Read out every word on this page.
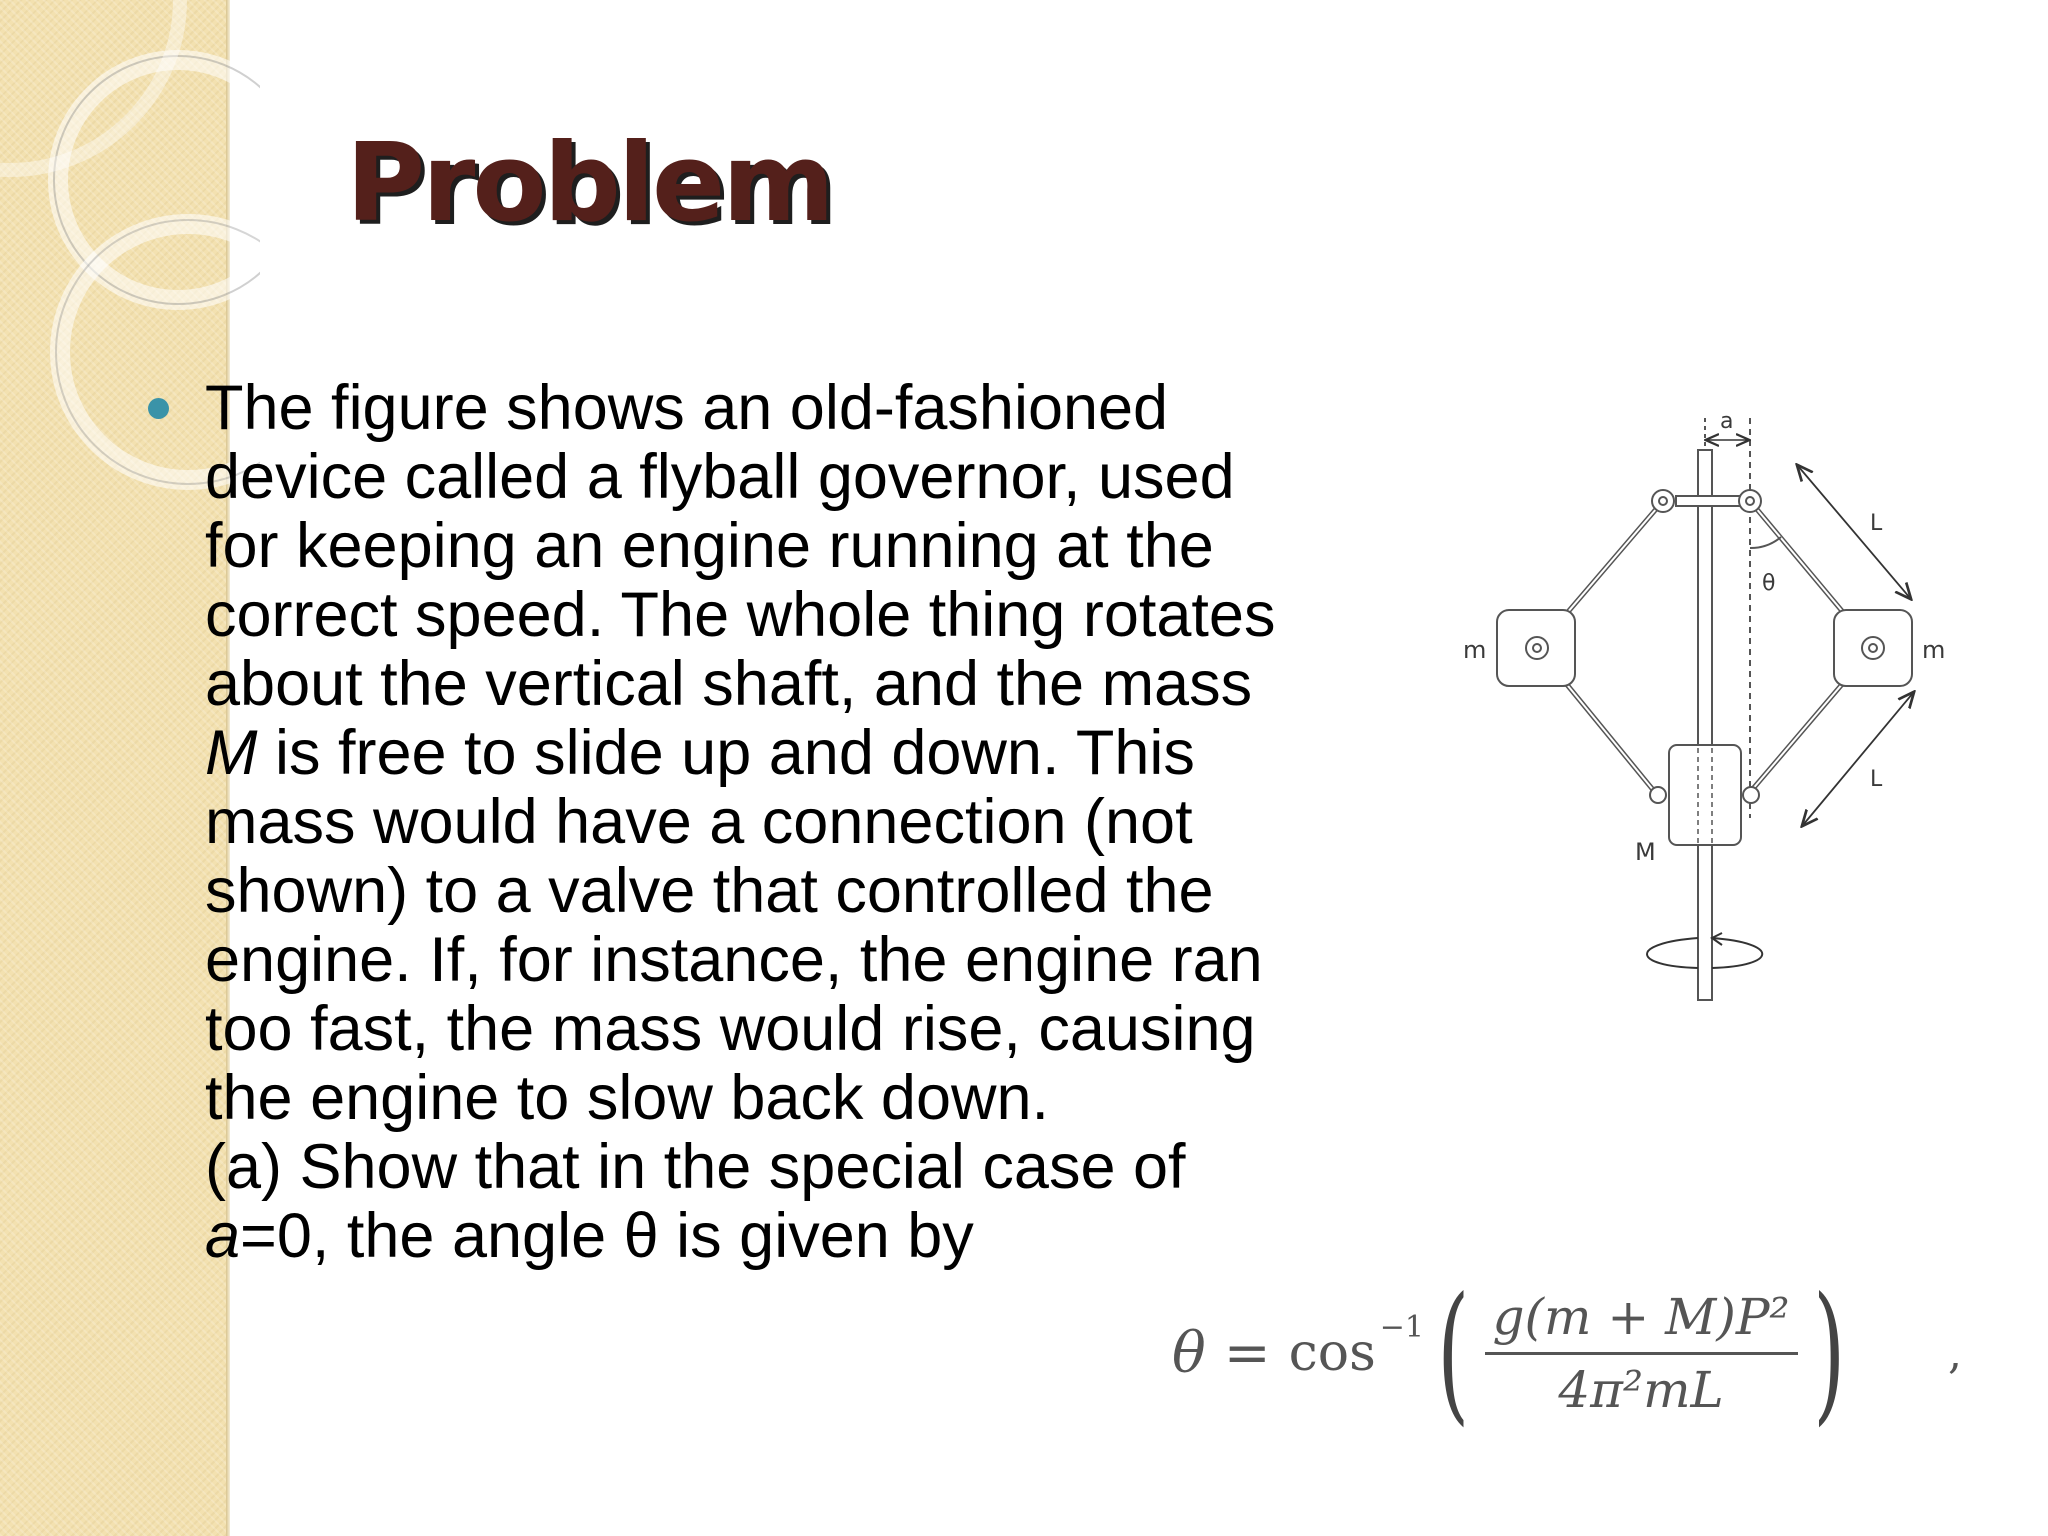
Problem
The figure shows an old-fashioned
device called a flyball governor, used
for keeping an engine running at the
correct speed. The whole thing rotates
about the vertical shaft, and the mass
M is free to slide up and down. This
mass would have a connection (not
shown) to a valve that controlled the
engine. If, for instance, the engine ran
too fast, the mass would rise, causing
the engine to slow back down.
(a) Show that in the special case of
a=0, the angle θ is given by
a
θ
L
L
m	m
M
θ = cos −1 ( $\frac{\text{g(m + M)P²}}{\text{4π²mL}}$ ) ,
